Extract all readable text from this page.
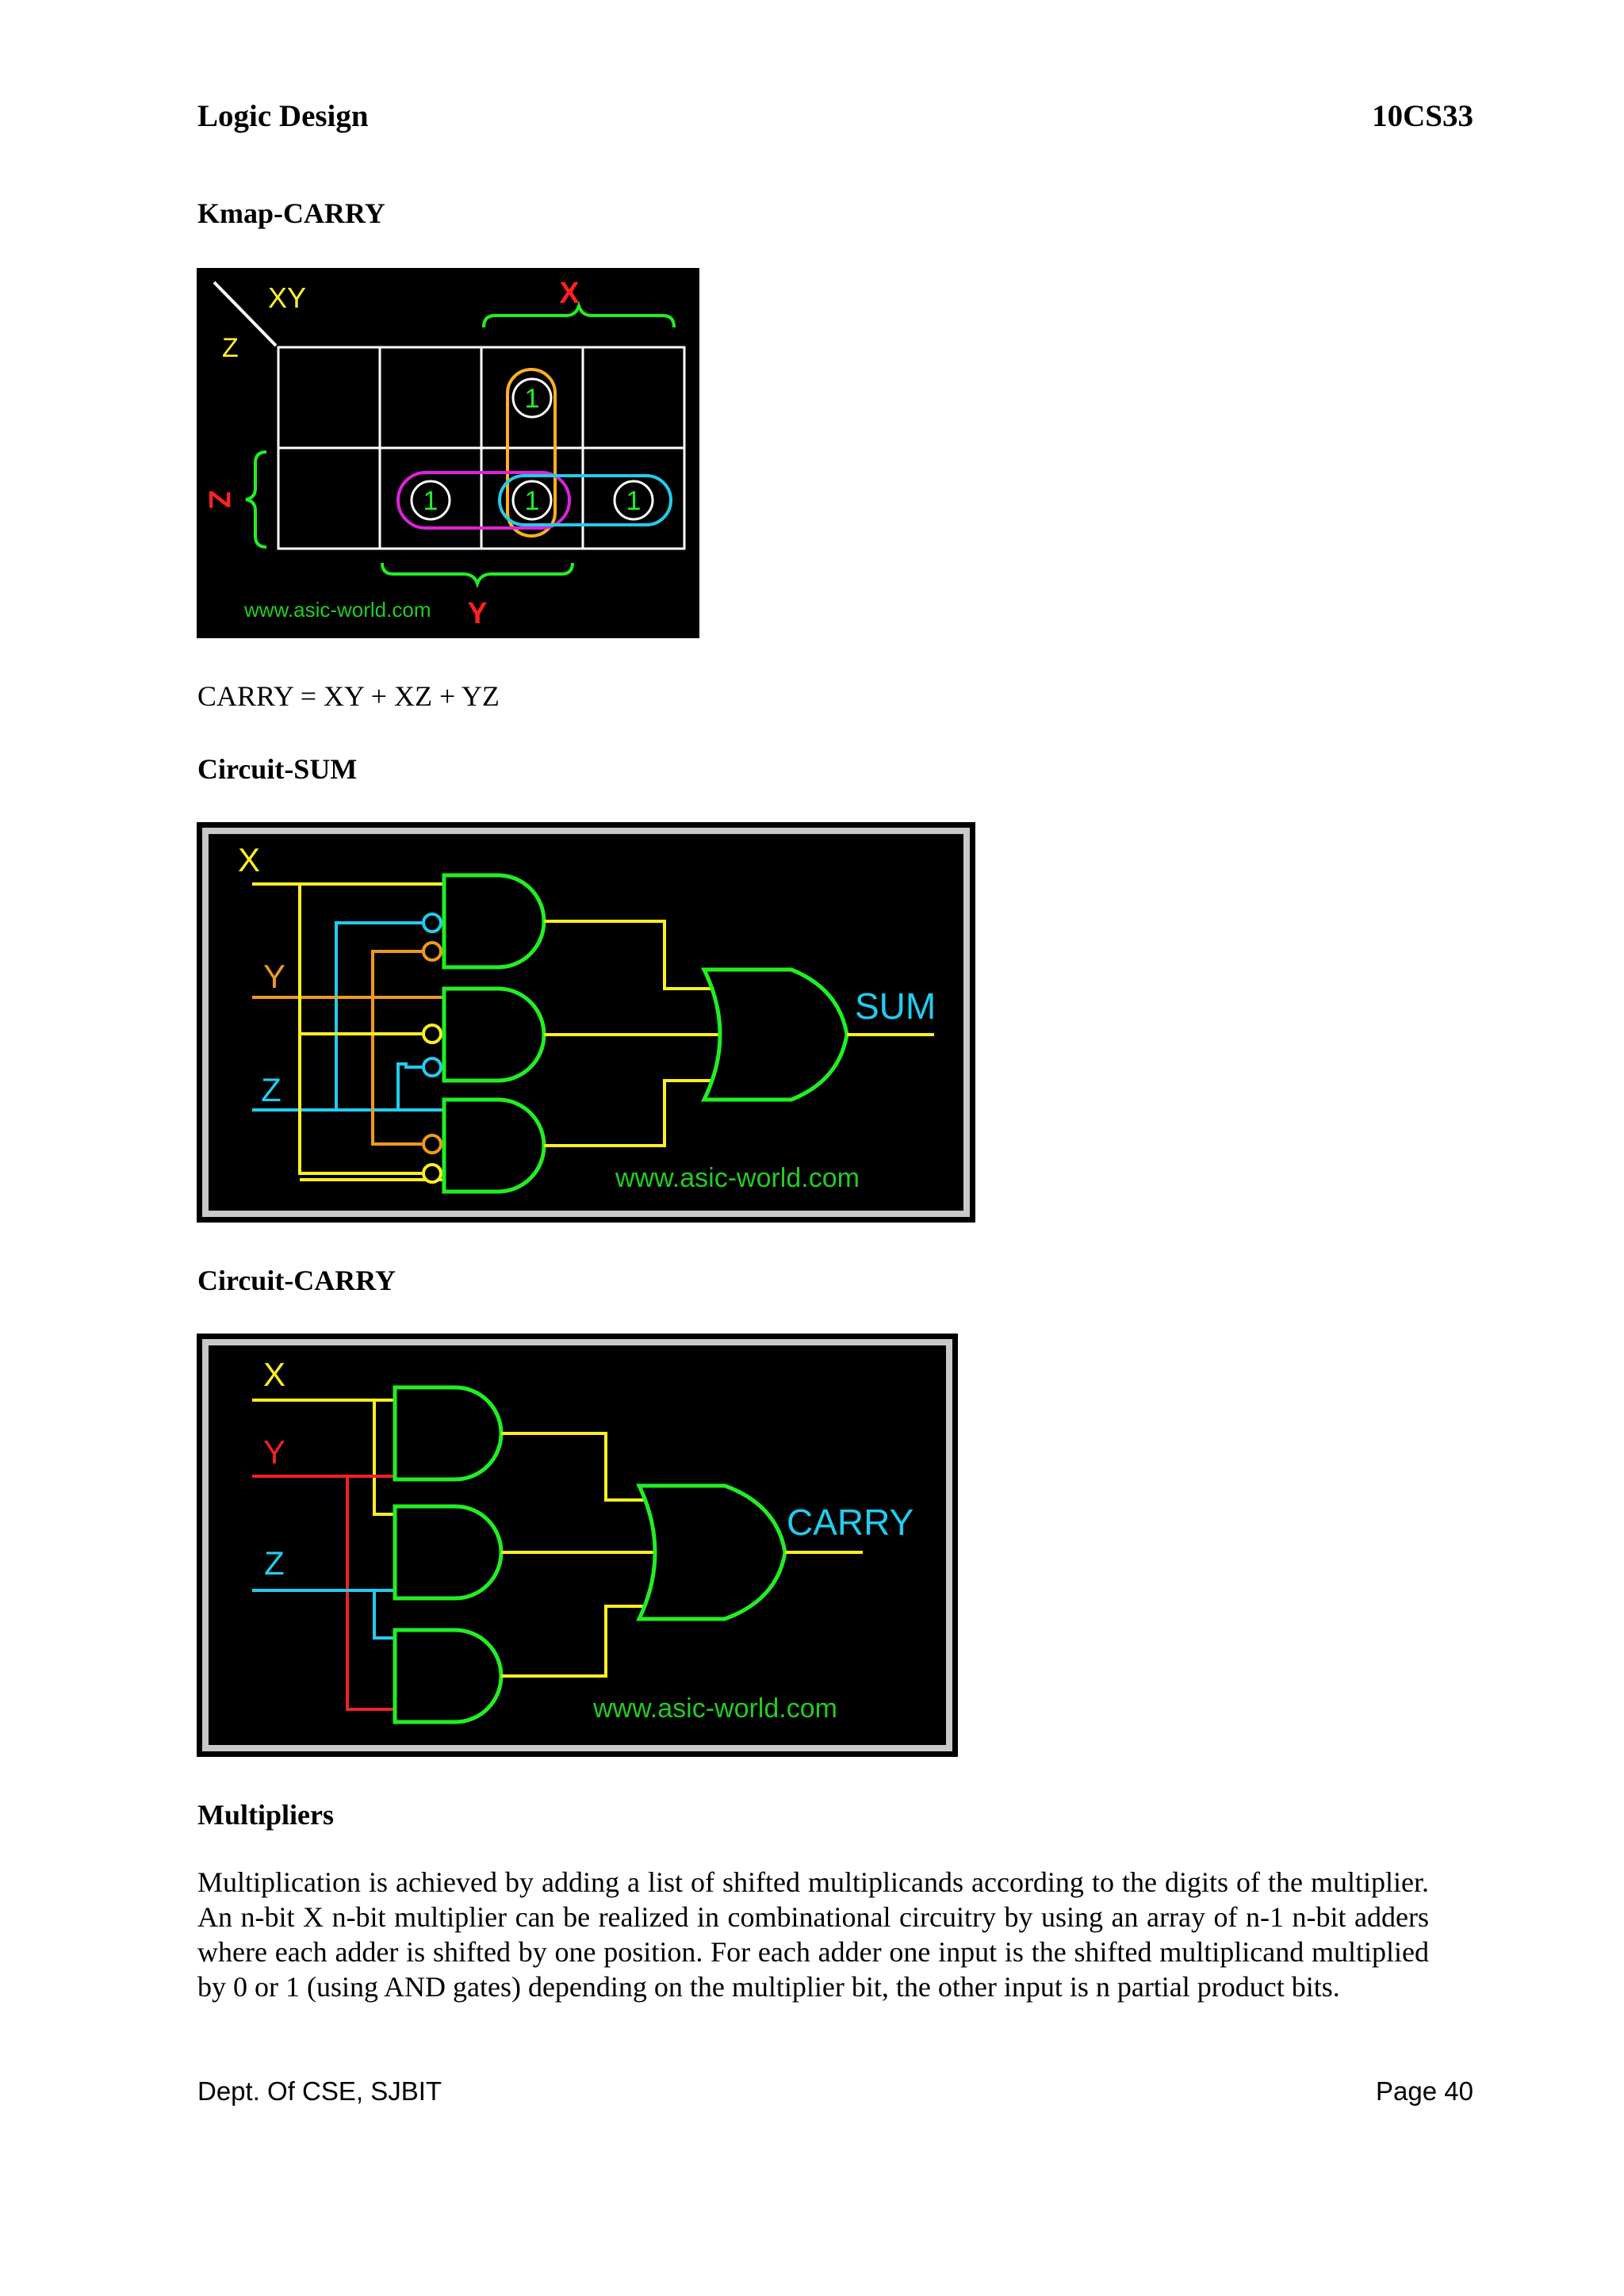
Logic Design	10CS33
Kmap-CARRY
XY
Z
X
Z
Y
1
1	1	1
www.asic-world.com
CARRY = XY + XZ + YZ
Circuit-SUM
X
Y
Z
SUM
www.asic-world.com
Circuit-CARRY
X
Y
Z
CARRY
www.asic-world.com
Multipliers
Multiplication is achieved by adding a list of shifted multiplicands according to the digits of the multiplier. An n-bit X n-bit multiplier can be realized in combinational circuitry by using an array of n-1 n-bit adders where each adder is shifted by one position. For each adder one input is the shifted multiplicand multiplied by 0 or 1 (using AND gates) depending on the multiplier bit, the other input is n partial product bits.
Dept. Of CSE, SJBIT	Page 40
